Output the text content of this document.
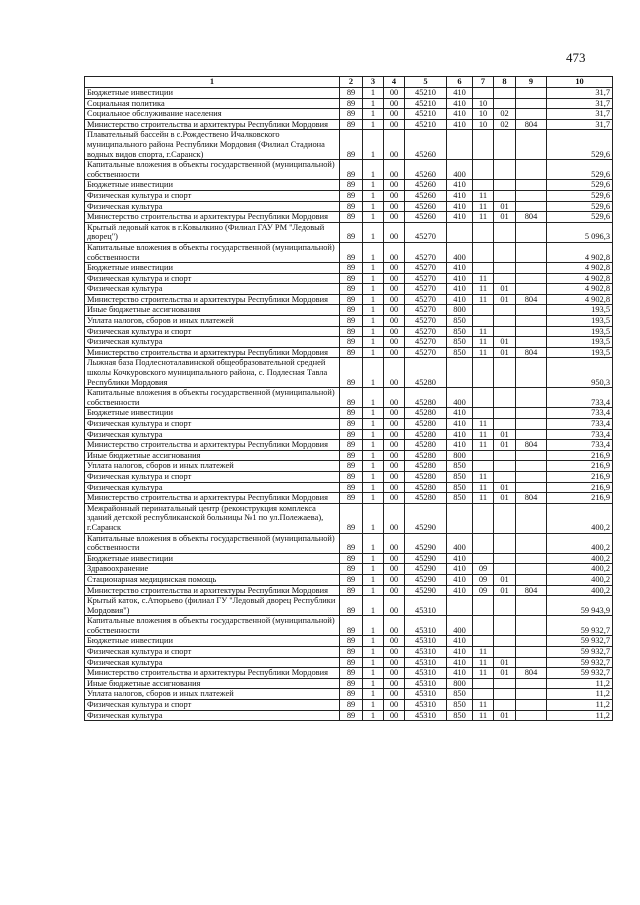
473
1	2	3	4	5	6	7	8	9	10
Бюджетные инвестиции	89	1	00	45210	410				31,7
Социальная политика	89	1	00	45210	410	10			31,7
Социальное обслуживание населения	89	1	00	45210	410	10	02		31,7
Министерство строительства и архитектуры Республики Мордовия	89	1	00	45210	410	10	02	804	31,7
Плавательный бассейн в с.Рождествено Ичалковского муниципального района Республики Мордовия (Филиал Стадиона водных видов спорта, г.Саранск)	89	1	00	45260					529,6
Капитальные вложения в объекты государственной (муниципальной) собственности	89	1	00	45260	400				529,6
Бюджетные инвестиции	89	1	00	45260	410				529,6
Физическая культура и спорт	89	1	00	45260	410	11			529,6
Физическая культура	89	1	00	45260	410	11	01		529,6
Министерство строительства и архитектуры Республики Мордовия	89	1	00	45260	410	11	01	804	529,6
Крытый ледовый каток в г.Ковылкино (Филиал ГАУ РМ "Ледовый дворец")	89	1	00	45270					5 096,3
Капитальные вложения в объекты государственной (муниципальной) собственности	89	1	00	45270	400				4 902,8
Бюджетные инвестиции	89	1	00	45270	410				4 902,8
Физическая культура и спорт	89	1	00	45270	410	11			4 902,8
Физическая культура	89	1	00	45270	410	11	01		4 902,8
Министерство строительства и архитектуры Республики Мордовия	89	1	00	45270	410	11	01	804	4 902,8
Иные бюджетные ассигнования	89	1	00	45270	800				193,5
Уплата налогов, сборов и иных платежей	89	1	00	45270	850				193,5
Физическая культура и спорт	89	1	00	45270	850	11			193,5
Физическая культура	89	1	00	45270	850	11	01		193,5
Министерство строительства и архитектуры Республики Мордовия	89	1	00	45270	850	11	01	804	193,5
Лыжная база Подлесноталавинской общеобразовательной средней школы Кочкуровского муниципального района, с. Подлесная Тавла Республики Мордовия	89	1	00	45280					950,3
Капитальные вложения в объекты государственной (муниципальной) собственности	89	1	00	45280	400				733,4
Бюджетные инвестиции	89	1	00	45280	410				733,4
Физическая культура и спорт	89	1	00	45280	410	11			733,4
Физическая культура	89	1	00	45280	410	11	01		733,4
Министерство строительства и архитектуры Республики Мордовия	89	1	00	45280	410	11	01	804	733,4
Иные бюджетные ассигнования	89	1	00	45280	800				216,9
Уплата налогов, сборов и иных платежей	89	1	00	45280	850				216,9
Физическая культура и спорт	89	1	00	45280	850	11			216,9
Физическая культура	89	1	00	45280	850	11	01		216,9
Министерство строительства и архитектуры Республики Мордовия	89	1	00	45280	850	11	01	804	216,9
Межрайонный перинатальный центр (реконструкция комплекса зданий детской республиканской больницы №1 по ул.Полежаева), г.Саранск	89	1	00	45290					400,2
Капитальные вложения в объекты государственной (муниципальной) собственности	89	1	00	45290	400				400,2
Бюджетные инвестиции	89	1	00	45290	410				400,2
Здравоохранение	89	1	00	45290	410	09			400,2
Стационарная медицинская помощь	89	1	00	45290	410	09	01		400,2
Министерство строительства и архитектуры Республики Мордовия	89	1	00	45290	410	09	01	804	400,2
Крытый каток, с.Атюрьево (филиал ГУ "Ледовый дворец Республики Мордовия")	89	1	00	45310					59 943,9
Капитальные вложения в объекты государственной (муниципальной) собственности	89	1	00	45310	400				59 932,7
Бюджетные инвестиции	89	1	00	45310	410				59 932,7
Физическая культура и спорт	89	1	00	45310	410	11			59 932,7
Физическая культура	89	1	00	45310	410	11	01		59 932,7
Министерство строительства и архитектуры Республики Мордовия	89	1	00	45310	410	11	01	804	59 932,7
Иные бюджетные ассигнования	89	1	00	45310	800				11,2
Уплата налогов, сборов и иных платежей	89	1	00	45310	850				11,2
Физическая культура и спорт	89	1	00	45310	850	11			11,2
Физическая культура	89	1	00	45310	850	11	01		11,2
